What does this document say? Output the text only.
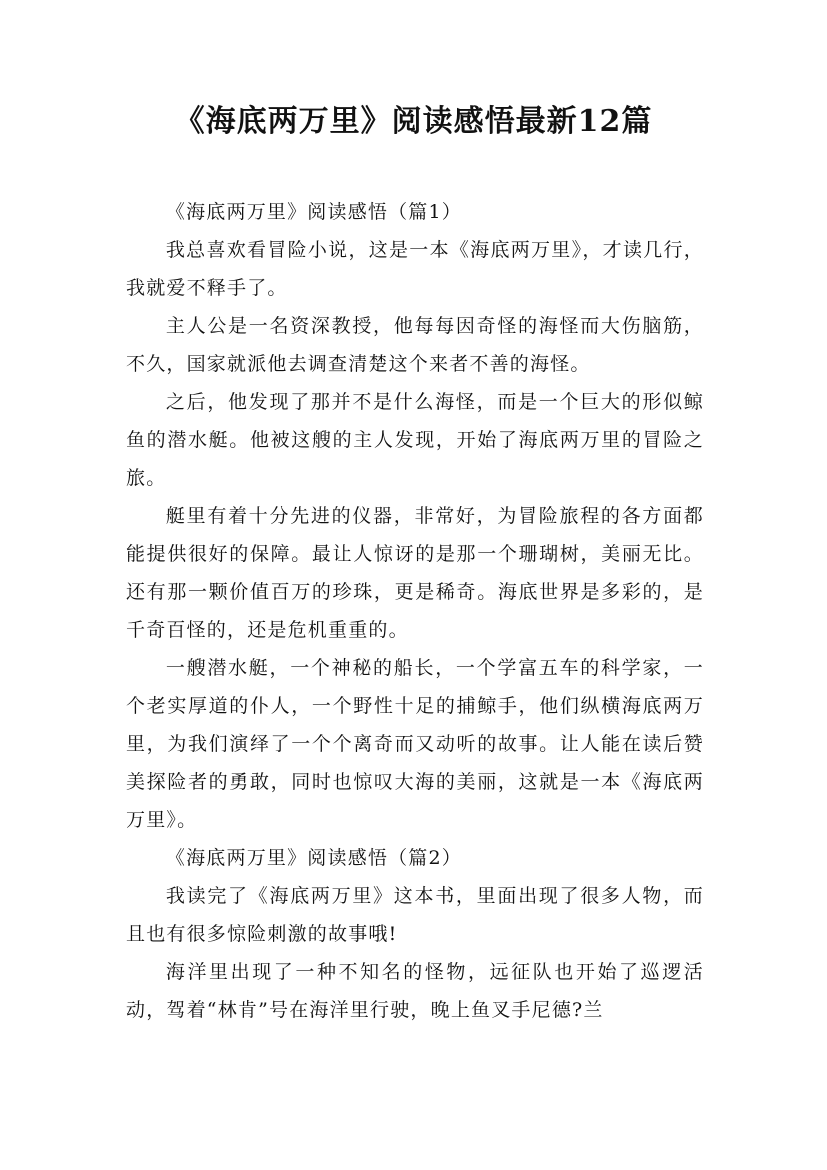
《海底两万里》阅读感悟最新12篇

《海底两万里》阅读感悟（篇1）

我总喜欢看冒险小说，这是一本《海底两万里》，才读几行，我就爱不释手了。

主人公是一名资深教授，他每每因奇怪的海怪而大伤脑筋，不久，国家就派他去调查清楚这个来者不善的海怪。

之后，他发现了那并不是什么海怪，而是一个巨大的形似鲸鱼的潜水艇。他被这艘的主人发现，开始了海底两万里的冒险之旅。

艇里有着十分先进的仪器，非常好，为冒险旅程的各方面都能提供很好的保障。最让人惊讶的是那一个珊瑚树，美丽无比。还有那一颗价值百万的珍珠，更是稀奇。海底世界是多彩的，是千奇百怪的，还是危机重重的。

一艘潜水艇，一个神秘的船长，一个学富五车的科学家，一个老实厚道的仆人，一个野性十足的捕鲸手，他们纵横海底两万里，为我们演绎了一个个离奇而又动听的故事。让人能在读后赞美探险者的勇敢，同时也惊叹大海的美丽，这就是一本《海底两万里》。

《海底两万里》阅读感悟（篇2）

我读完了《海底两万里》这本书，里面出现了很多人物，而且也有很多惊险刺激的故事哦!

海洋里出现了一种不知名的怪物，远征队也开始了巡逻活动，驾着“林肯”号在海洋里行驶，晚上鱼叉手尼德?兰
